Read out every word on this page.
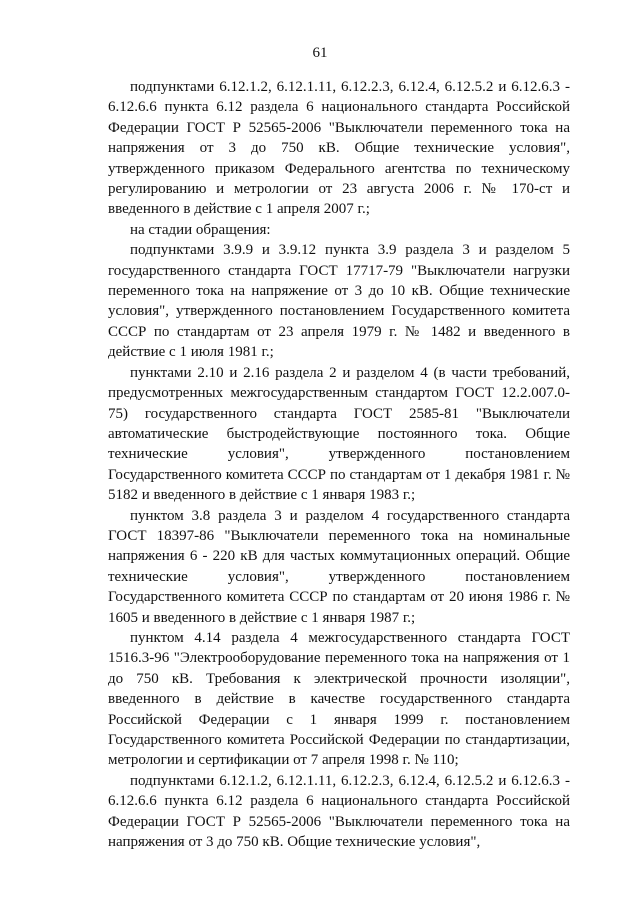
61

подпунктами 6.12.1.2, 6.12.1.11, 6.12.2.3, 6.12.4, 6.12.5.2 и 6.12.6.3 - 6.12.6.6 пункта 6.12 раздела 6 национального стандарта Российской Федерации ГОСТ Р 52565-2006 "Выключатели переменного тока на напряжения от 3 до 750 кВ. Общие технические условия", утвержденного приказом Федерального агентства по техническому регулированию и метрологии от 23 августа 2006 г. № 170-ст и введенного в действие с 1 апреля 2007 г.;

на стадии обращения:

подпунктами 3.9.9 и 3.9.12 пункта 3.9 раздела 3 и разделом 5 государственного стандарта ГОСТ 17717-79 "Выключатели нагрузки переменного тока на напряжение от 3 до 10 кВ. Общие технические условия", утвержденного постановлением Государственного комитета СССР по стандартам от 23 апреля 1979 г. № 1482 и введенного в действие с 1 июля 1981 г.;

пунктами 2.10 и 2.16 раздела 2 и разделом 4 (в части требований, предусмотренных межгосударственным стандартом ГОСТ 12.2.007.0-75) государственного стандарта ГОСТ 2585-81 "Выключатели автоматические быстродействующие постоянного тока. Общие технические условия", утвержденного постановлением Государственного комитета СССР по стандартам от 1 декабря 1981 г. № 5182 и введенного в действие с 1 января 1983 г.;

пунктом 3.8 раздела 3 и разделом 4 государственного стандарта ГОСТ 18397-86 "Выключатели переменного тока на номинальные напряжения 6 - 220 кВ для частых коммутационных операций. Общие технические условия", утвержденного постановлением Государственного комитета СССР по стандартам от 20 июня 1986 г. № 1605 и введенного в действие с 1 января 1987 г.;

пунктом 4.14 раздела 4 межгосударственного стандарта ГОСТ 1516.3-96 "Электрооборудование переменного тока на напряжения от 1 до 750 кВ. Требования к электрической прочности изоляции", введенного в действие в качестве государственного стандарта Российской Федерации с 1 января 1999 г. постановлением Государственного комитета Российской Федерации по стандартизации, метрологии и сертификации от 7 апреля 1998 г. № 110;

подпунктами 6.12.1.2, 6.12.1.11, 6.12.2.3, 6.12.4, 6.12.5.2 и 6.12.6.3 - 6.12.6.6 пункта 6.12 раздела 6 национального стандарта Российской Федерации ГОСТ Р 52565-2006 "Выключатели переменного тока на напряжения от 3 до 750 кВ. Общие технические условия",
